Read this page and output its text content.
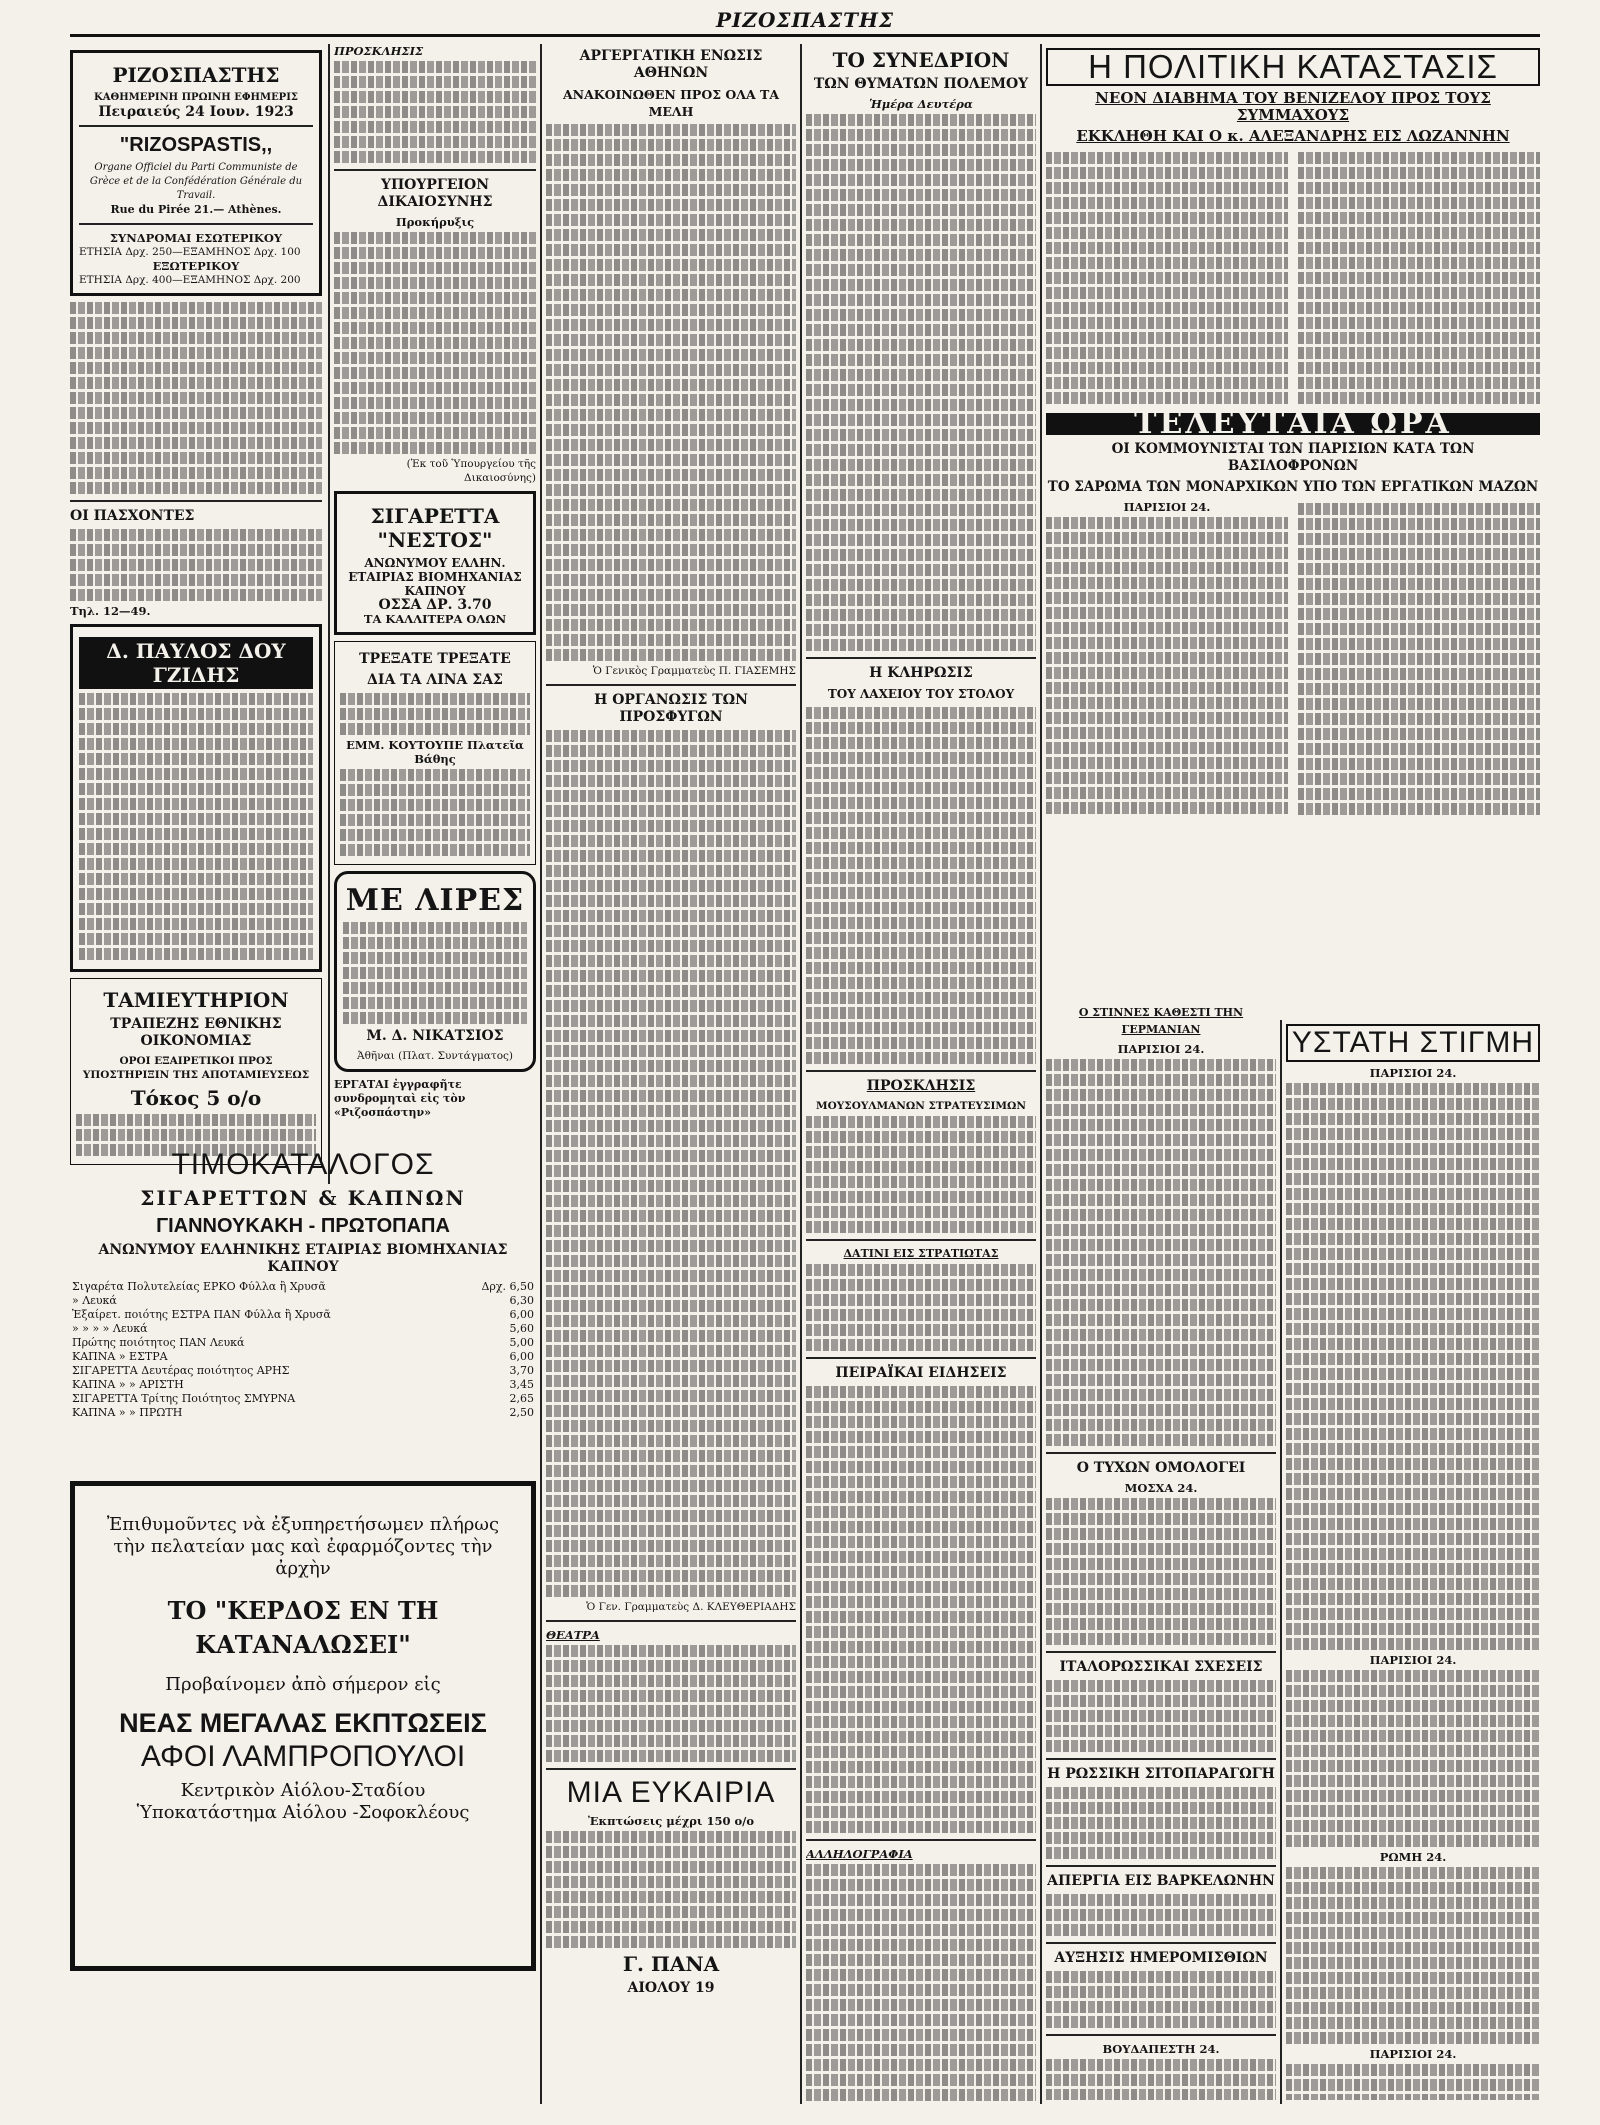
ΡΙΖΟΣΠΑΣΤΗΣ
ΡΙΖΟΣΠΑΣΤΗΣ
ΚΑΘΗΜΕΡΙΝΗ ΠΡΩΙΝΗ ΕΦΗΜΕΡΙΣ
Πειραιεύς 24 Ιουν. 1923
"RIZOSPASTIS,,
Organe Officiel du Parti Communiste de Grèce et de la Confédération Générale du Travail.
Rue du Pirée 21.— Athènes.
ΣΥΝΔΡΟΜΑΙ ΕΣΩΤΕΡΙΚΟΥ
ΕΤΗΣΙΑ Δρχ. 250—ΕΞΑΜΗΝΟΣ Δρχ. 100
ΕΞΩΤΕΡΙΚΟΥ
ΕΤΗΣΙΑ Δρχ. 400—ΕΞΑΜΗΝΟΣ Δρχ. 200
ΟΙ ΠΑΣΧΟΝΤΕΣ
Τηλ. 12—49.
Δ. ΠΑΥΛΟΣ ΔΟΥ ΓΖΙΔΗΣ
ΤΑΜΙΕΥΤΗΡΙΟΝ
ΤΡΑΠΕΖΗΣ ΕΘΝΙΚΗΣ ΟΙΚΟΝΟΜΙΑΣ
ΟΡΟΙ ΕΞΑΙΡΕΤΙΚΟΙ ΠΡΟΣ ΥΠΟΣΤΗΡΙΞΙΝ ΤΗΣ ΑΠΟΤΑΜΙΕΥΣΕΩΣ
Τόκος 5 ο/ο
ΠΡΟΣΚΛΗΣΙΣ
ΥΠΟΥΡΓΕΙΟΝ ΔΙΚΑΙΟΣΥΝΗΣ
Προκήρυξις
(Ἐκ τοῦ Ὑπουργείου τῆς Δικαιοσύνης)
ΣΙΓΑΡΕΤΤΑ "ΝΕΣΤΟΣ"
ΑΝΩΝΥΜΟΥ ΕΛΛΗΝ. ΕΤΑΙΡΙΑΣ ΒΙΟΜΗΧΑΝΙΑΣ ΚΑΠΝΟΥ
ΟΣΣΑ ΔΡ. 3.70
ΤΑ ΚΑΛΛΙΤΕΡΑ ΟΛΩΝ
ΤΡΕΞΑΤΕ ΤΡΕΞΑΤΕ
ΔΙΑ ΤΑ ΛΙΝΑ ΣΑΣ
ΕΜΜ. ΚΟΥΤΟΥΠΕ Πλατεῖα Βάθης
ΜΕ ΛΙΡΕΣ
Μ. Δ. ΝΙΚΑΤΣΙΟΣ
Ἀθῆναι (Πλατ. Συντάγματος)
ΕΡΓΑΤΑΙ ἐγγραφῆτε συνδρομηταὶ εἰς τὸν «Ριζοσπάστην»
ΤΙΜΟΚΑΤΑΛΟΓΟΣ
ΣΙΓΑΡΕΤΤΩΝ & ΚΑΠΝΩΝ
ΓΙΑΝΝΟΥΚΑΚΗ - ΠΡΩΤΟΠΑΠΑ
ΑΝΩΝΥΜΟΥ ΕΛΛΗΝΙΚΗΣ ΕΤΑΙΡΙΑΣ ΒΙΟΜΗΧΑΝΙΑΣ ΚΑΠΝΟΥ
Σιγαρέτα Πολυτελείας ΕΡΚΟ Φύλλα ἢ Χρυσᾶ	Δρχ. 6,50
» Λευκά	6,30
Ἐξαίρετ. ποιότης ΕΣΤΡΑ ΠΑΝ Φύλλα ἢ Χρυσᾶ	6,00
» » » » Λευκά	5,60
Πρώτης ποιότητος ΠΑΝ Λευκά	5,00
ΚΑΠΝΑ » ΕΣΤΡΑ	6,00
ΣΙΓΑΡΕΤΤΑ Δευτέρας ποιότητος ΑΡΗΣ	3,70
ΚΑΠΝΑ » » ΑΡΙΣΤΗ	3,45
ΣΙΓΑΡΕΤΤΑ Τρίτης Ποιότητος ΣΜΥΡΝΑ	2,65
ΚΑΠΝΑ » » ΠΡΩΤΗ	2,50
Ἐπιθυμοῦντες νὰ ἐξυπηρετήσωμεν πλήρως τὴν πελατείαν μας καὶ ἐφαρμόζοντες τὴν ἀρχὴν
ΤΟ "ΚΕΡΔΟΣ ΕΝ ΤΗ ΚΑΤΑΝΑΛΩΣΕΙ"
Προβαίνομεν ἀπὸ σήμερον εἰς
ΝΕΑΣ ΜΕΓΑΛΑΣ ΕΚΠΤΩΣΕΙΣ
ΑΦΟΙ ΛΑΜΠΡΟΠΟΥΛΟΙ
Κεντρικὸν Αἰόλου-Σταδίου
Ὑποκατάστημα Αἰόλου -Σοφοκλέους
ΑΡΓΕΡΓΑΤΙΚΗ ΕΝΩΣΙΣ ΑΘΗΝΩΝ
ΑΝΑΚΟΙΝΩΘΕΝ ΠΡΟΣ ΟΛΑ ΤΑ ΜΕΛΗ
Ὁ Γενικὸς Γραμματεὺς Π. ΓΙΑΣΕΜΗΣ
Η ΟΡΓΑΝΩΣΙΣ ΤΩΝ ΠΡΟΣΦΥΓΩΝ
Ὁ Γεν. Γραμματεὺς Δ. ΚΛΕΥΘΕΡΙΑΔΗΣ
ΘΕΑΤΡΑ
ΜΙΑ ΕΥΚΑΙΡΙΑ
Ἐκπτώσεις μέχρι 150 ο/ο
Γ. ΠΑΝΑ
ΑΙΟΛΟΥ 19
ΤΟ ΣΥΝΕΔΡΙΟΝ
ΤΩΝ ΘΥΜΑΤΩΝ ΠΟΛΕΜΟΥ
Ἡμέρα Δευτέρα
Η ΚΛΗΡΩΣΙΣ
ΤΟΥ ΛΑΧΕΙΟΥ ΤΟΥ ΣΤΟΛΟΥ
ΠΡΟΣΚΛΗΣΙΣ
ΜΟΥΣΟΥΛΜΑΝΩΝ ΣΤΡΑΤΕΥΣΙΜΩΝ
ΔΑΤΙΝΙ ΕΙΣ ΣΤΡΑΤΙΩΤΑΣ
ΠΕΙΡΑΪΚΑΙ ΕΙΔΗΣΕΙΣ
ΑΛΛΗΛΟΓΡΑΦΙΑ
Η ΠΟΛΙΤΙΚΗ ΚΑΤΑΣΤΑΣΙΣ
ΝΕΟΝ ΔΙΑΒΗΜΑ ΤΟΥ ΒΕΝΙΖΕΛΟΥ ΠΡΟΣ ΤΟΥΣ ΣΥΜΜΑΧΟΥΣ
ΕΚΚΛΗΘΗ ΚΑΙ Ο κ. ΑΛΕΞΑΝΔΡΗΣ ΕΙΣ ΛΩΖΑΝΝΗΝ
ΤΕΛΕΥΤΑΙΑ ΩΡΑ
ΟΙ ΚΟΜΜΟΥΝΙΣΤΑΙ ΤΩΝ ΠΑΡΙΣΙΩΝ ΚΑΤΑ ΤΩΝ ΒΑΣΙΛΟΦΡΟΝΩΝ
ΤΟ ΣΑΡΩΜΑ ΤΩΝ ΜΟΝΑΡΧΙΚΩΝ ΥΠΟ ΤΩΝ ΕΡΓΑΤΙΚΩΝ ΜΑΖΩΝ
ΠΑΡΙΣΙΟΙ 24.
Ο ΣΤΙΝΝΕΣ ΚΑΘΕΣΤΙ ΤΗΝ ΓΕΡΜΑΝΙΑΝ
ΠΑΡΙΣΙΟΙ 24.
Ο ΤΥΧΩΝ ΟΜΟΛΟΓΕΙ
ΜΟΣΧΑ 24.
ΙΤΑΛΟΡΩΣΣΙΚΑΙ ΣΧΕΣΕΙΣ
Η ΡΩΣΣΙΚΗ ΣΙΤΟΠΑΡΑΓΩΓΗ
ΑΠΕΡΓΙΑ ΕΙΣ ΒΑΡΚΕΛΩΝΗΝ
ΑΥΞΗΣΙΣ ΗΜΕΡΟΜΙΣΘΙΩΝ
ΒΟΥΔΑΠΕΣΤΗ 24.
ΥΣΤΑΤΗ ΣΤΙΓΜΗ
ΠΑΡΙΣΙΟΙ 24.
ΠΑΡΙΣΙΟΙ 24.
ΡΩΜΗ 24.
ΠΑΡΙΣΙΟΙ 24.
